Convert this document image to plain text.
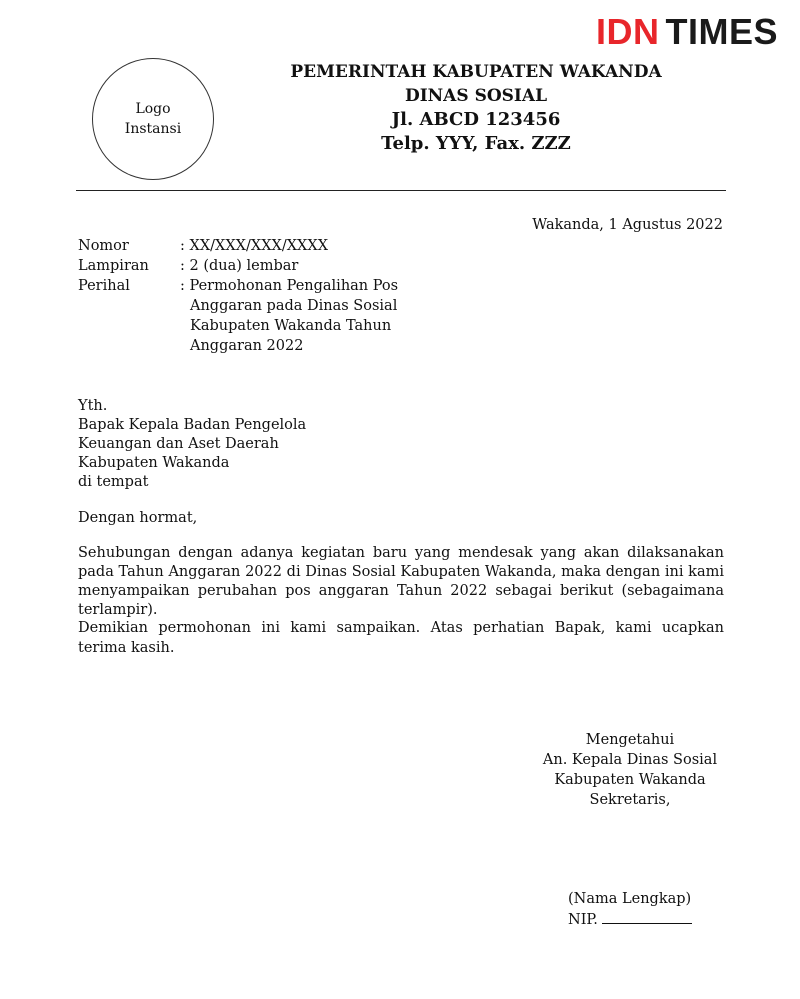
IDN TIMES
Logo
Instansi
PEMERINTAH KABUPATEN WAKANDA
DINAS SOSIAL
Jl. ABCD 123456
Telp. YYY, Fax. ZZZ
Wakanda, 1 Agustus 2022
Nomor	: XX/XXX/XXX/XXXX
Lampiran	: 2 (dua) lembar
Perihal	: Permohonan Pengalihan Pos Anggaran pada Dinas Sosial Kabupaten Wakanda Tahun Anggaran 2022
Yth.
Bapak Kepala Badan Pengelola
Keuangan dan Aset Daerah
Kabupaten Wakanda
di tempat
Dengan hormat,
Sehubungan dengan adanya kegiatan baru yang mendesak yang akan dilaksanakan pada Tahun Anggaran 2022 di Dinas Sosial Kabupaten Wakanda, maka dengan ini kami menyampaikan perubahan pos anggaran Tahun 2022 sebagai berikut (sebagaimana terlampir).
Demikian permohonan ini kami sampaikan. Atas perhatian Bapak, kami ucapkan terima kasih.
Mengetahui
An. Kepala Dinas Sosial
Kabupaten Wakanda
Sekretaris,
(Nama Lengkap)
NIP.
